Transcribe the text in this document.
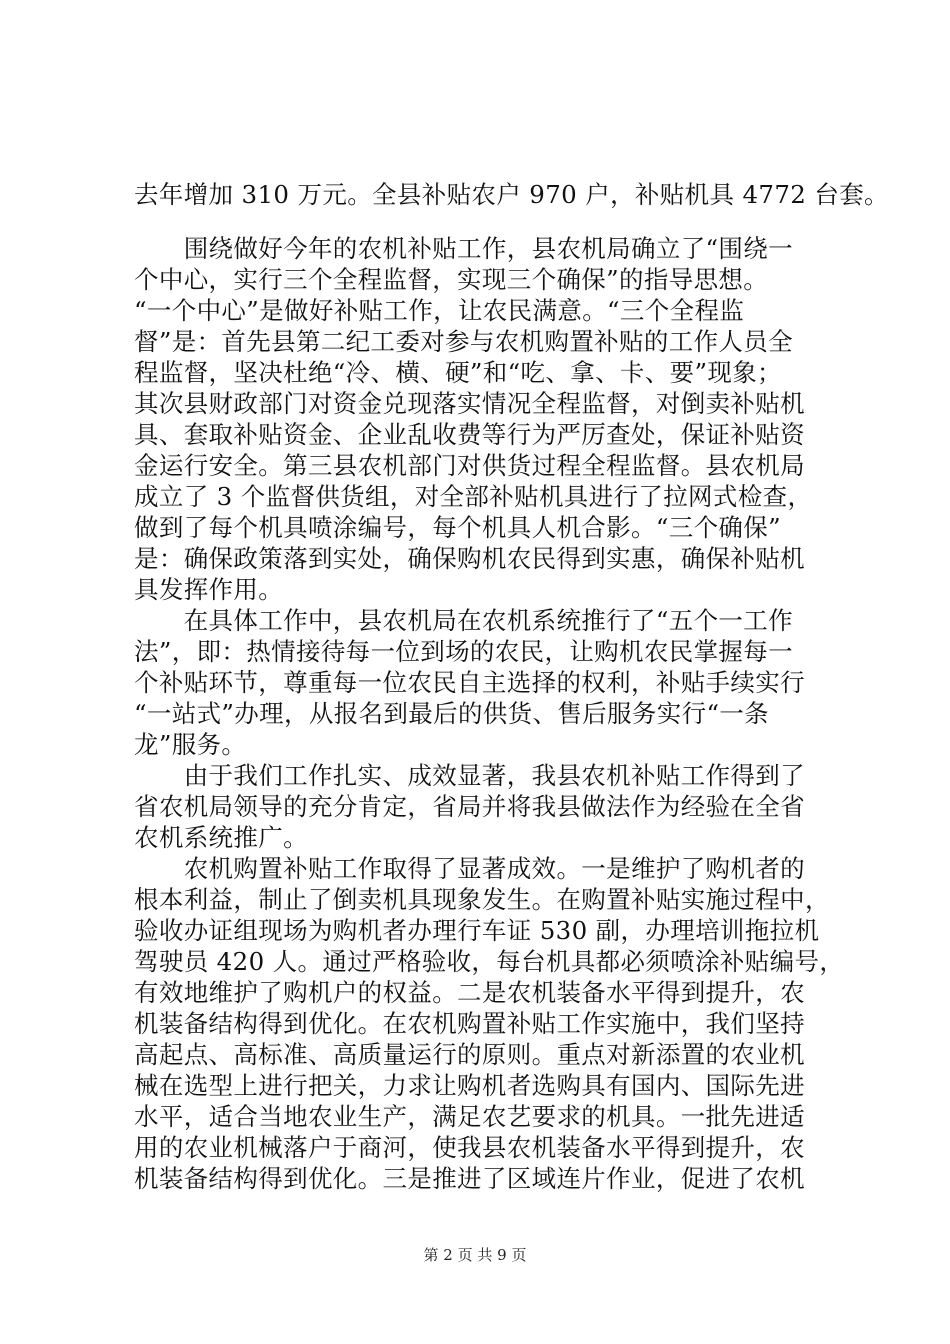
去年增加 310 万元。全县补贴农户 970 户，补贴机具 4772 台套。
　　围绕做好今年的农机补贴工作，县农机局确立了“围绕一
个中心，实行三个全程监督，实现三个确保”的指导思想。
“一个中心”是做好补贴工作，让农民满意。“三个全程监
督”是：首先县第二纪工委对参与农机购置补贴的工作人员全
程监督，坚决杜绝“冷、横、硬”和“吃、拿、卡、要”现象；
其次县财政部门对资金兑现落实情况全程监督，对倒卖补贴机
具、套取补贴资金、企业乱收费等行为严厉查处，保证补贴资
金运行安全。第三县农机部门对供货过程全程监督。县农机局
成立了 3 个监督供货组，对全部补贴机具进行了拉网式检查，
做到了每个机具喷涂编号，每个机具人机合影。“三个确保”
是：确保政策落到实处，确保购机农民得到实惠，确保补贴机
具发挥作用。
　　在具体工作中，县农机局在农机系统推行了“五个一工作
法”，即：热情接待每一位到场的农民，让购机农民掌握每一
个补贴环节，尊重每一位农民自主选择的权利，补贴手续实行
“一站式”办理，从报名到最后的供货、售后服务实行“一条
龙”服务。
　　由于我们工作扎实、成效显著，我县农机补贴工作得到了
省农机局领导的充分肯定，省局并将我县做法作为经验在全省
农机系统推广。
　　农机购置补贴工作取得了显著成效。一是维护了购机者的
根本利益，制止了倒卖机具现象发生。在购置补贴实施过程中，
验收办证组现场为购机者办理行车证 530 副，办理培训拖拉机
驾驶员 420 人。通过严格验收，每台机具都必须喷涂补贴编号，
有效地维护了购机户的权益。二是农机装备水平得到提升，农
机装备结构得到优化。在农机购置补贴工作实施中，我们坚持
高起点、高标准、高质量运行的原则。重点对新添置的农业机
械在选型上进行把关，力求让购机者选购具有国内、国际先进
水平，适合当地农业生产，满足农艺要求的机具。一批先进适
用的农业机械落户于商河，使我县农机装备水平得到提升，农
机装备结构得到优化。三是推进了区域连片作业，促进了农机
第 2 页 共 9 页
